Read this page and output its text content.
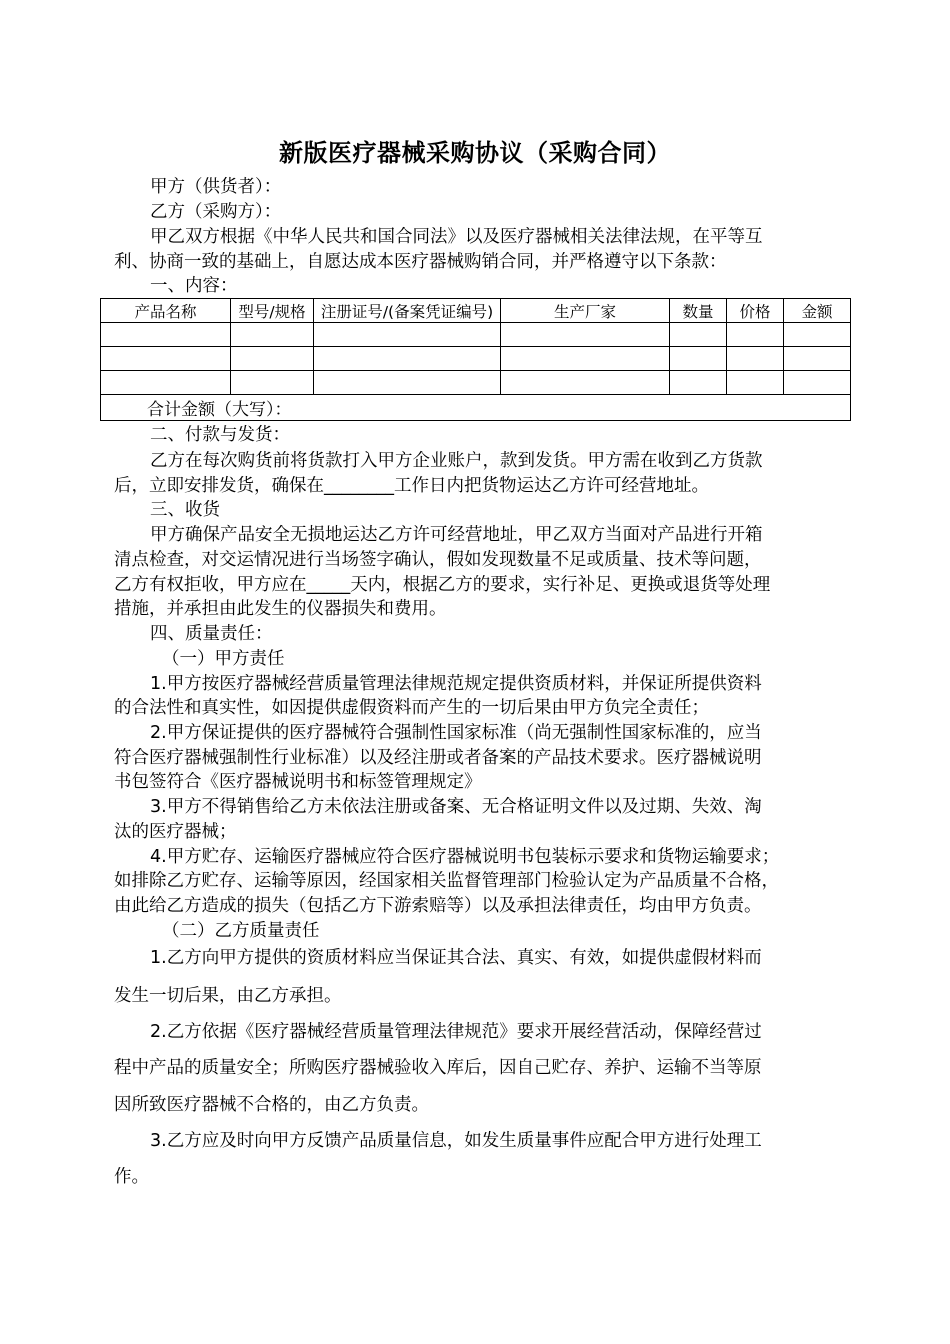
新版医疗器械采购协议（采购合同）
甲方（供货者）：
乙方（采购方）：
甲乙双方根据《中华人民共和国合同法》以及医疗器械相关法律法规，在平等互
利、协商一致的基础上，自愿达成本医疗器械购销合同，并严格遵守以下条款：
一、内容：
产品名称	型号/规格	注册证号/(备案凭证编号)	生产厂家	数量	价格	金额

合计金额（大写）：						
二、付款与发货：
乙方在每次购货前将货款打入甲方企业账户，款到发货。甲方需在收到乙方货款
后，立即安排发货，确保在________工作日内把货物运达乙方许可经营地址。
三、收货
甲方确保产品安全无损地运达乙方许可经营地址，甲乙双方当面对产品进行开箱
清点检查，对交运情况进行当场签字确认，假如发现数量不足或质量、技术等问题，
乙方有权拒收，甲方应在_____天内，根据乙方的要求，实行补足、更换或退货等处理
措施，并承担由此发生的仪器损失和费用。
四、质量责任：
（一）甲方责任
1.甲方按医疗器械经营质量管理法律规范规定提供资质材料，并保证所提供资料
的合法性和真实性，如因提供虚假资料而产生的一切后果由甲方负完全责任；
2.甲方保证提供的医疗器械符合强制性国家标准（尚无强制性国家标准的，应当
符合医疗器械强制性行业标准）以及经注册或者备案的产品技术要求。医疗器械说明
书包签符合《医疗器械说明书和标签管理规定》
3.甲方不得销售给乙方未依法注册或备案、无合格证明文件以及过期、失效、淘
汰的医疗器械；
4.甲方贮存、运输医疗器械应符合医疗器械说明书包装标示要求和货物运输要求；
如排除乙方贮存、运输等原因，经国家相关监督管理部门检验认定为产品质量不合格，
由此给乙方造成的损失（包括乙方下游索赔等）以及承担法律责任，均由甲方负责。
（二）乙方质量责任
1.乙方向甲方提供的资质材料应当保证其合法、真实、有效，如提供虚假材料而
发生一切后果，由乙方承担。
2.乙方依据《医疗器械经营质量管理法律规范》要求开展经营活动，保障经营过
程中产品的质量安全；所购医疗器械验收入库后，因自己贮存、养护、运输不当等原
因所致医疗器械不合格的，由乙方负责。
3.乙方应及时向甲方反馈产品质量信息，如发生质量事件应配合甲方进行处理工
作。
